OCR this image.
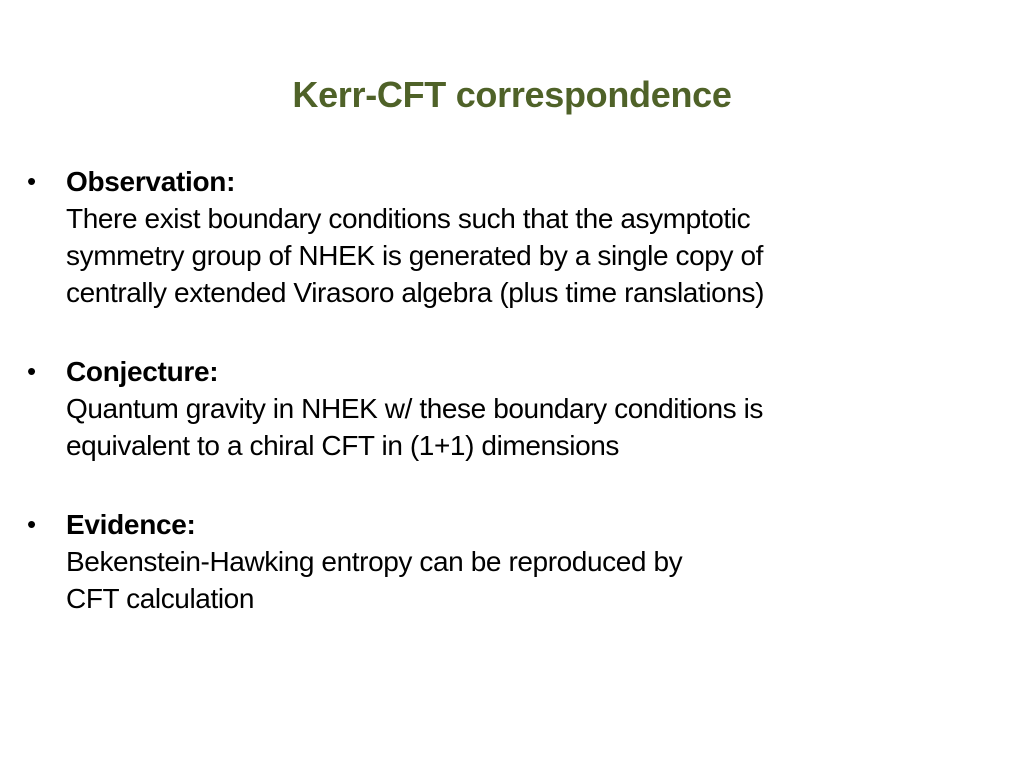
Kerr-CFT correspondence
• Observation:
There exist boundary conditions such that the asymptotic
symmetry group of NHEK is generated by a single copy of
centrally extended Virasoro algebra (plus time ranslations)
• Conjecture:
Quantum gravity in NHEK w/ these boundary conditions is
equivalent to a chiral CFT in (1+1) dimensions
• Evidence:
Bekenstein-Hawking entropy can be reproduced by
CFT calculation
